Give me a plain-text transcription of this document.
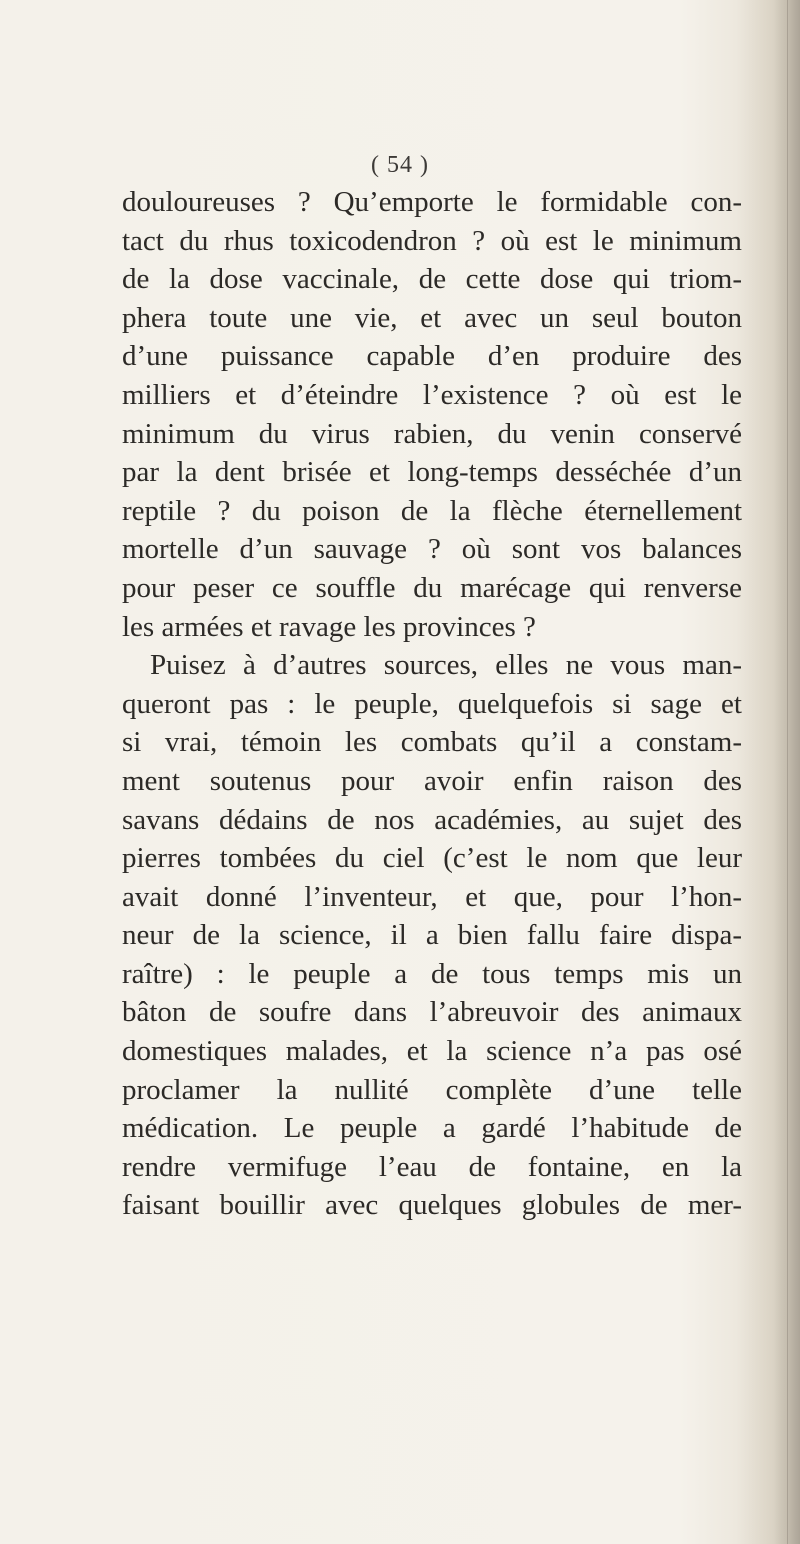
( 54 )
douloureuses ? Qu’emporte le formidable con-
tact du rhus toxicodendron ? où est le minimum
de la dose vaccinale, de cette dose qui triom-
phera toute une vie, et avec un seul bouton
d’une puissance capable d’en produire des
milliers et d’éteindre l’existence ? où est le
minimum du virus rabien, du venin conservé
par la dent brisée et long-temps desséchée d’un
reptile ? du poison de la flèche éternellement
mortelle d’un sauvage ? où sont vos balances
pour peser ce souffle du marécage qui renverse
les armées et ravage les provinces ?
Puisez à d’autres sources, elles ne vous man-
queront pas : le peuple, quelquefois si sage et
si vrai, témoin les combats qu’il a constam-
ment soutenus pour avoir enfin raison des
savans dédains de nos académies, au sujet des
pierres tombées du ciel (c’est le nom que leur
avait donné l’inventeur, et que, pour l’hon-
neur de la science, il a bien fallu faire dispa-
raître) : le peuple a de tous temps mis un
bâton de soufre dans l’abreuvoir des animaux
domestiques malades, et la science n’a pas osé
proclamer la nullité complète d’une telle
médication. Le peuple a gardé l’habitude de
rendre vermifuge l’eau de fontaine, en la
faisant bouillir avec quelques globules de mer-
